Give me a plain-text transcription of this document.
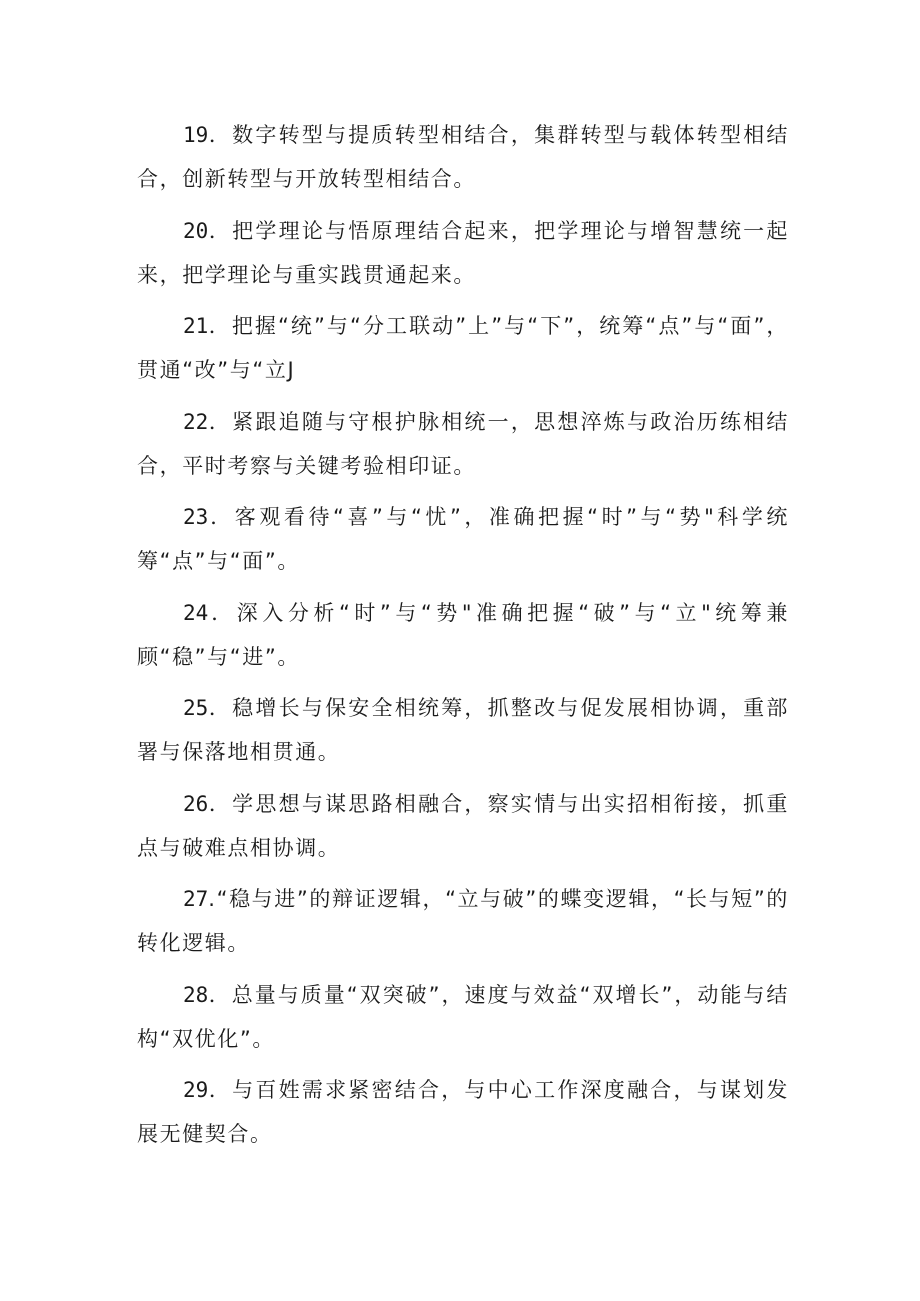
19．数字转型与提质转型相结合，集群转型与载体转型相结合，创新转型与开放转型相结合。

20．把学理论与悟原理结合起来，把学理论与增智慧统一起来，把学理论与重实践贯通起来。

21．把握“统”与“分工联动”上”与“下”，统筹“点”与“面”，贯通“改”与“立J

22．紧跟追随与守根护脉相统一，思想淬炼与政治历练相结合，平时考察与关键考验相印证。

23．客观看待“喜”与“忧”，准确把握“时”与“势"科学统筹“点”与“面”。

24．深入分析“时”与“势"准确把握“破”与“立"统筹兼顾“稳”与“进”。

25．稳增长与保安全相统筹，抓整改与促发展相协调，重部署与保落地相贯通。

26．学思想与谋思路相融合，察实情与出实招相衔接，抓重点与破难点相协调。

27.“稳与进”的辩证逻辑，“立与破”的蝶变逻辑，“长与短”的转化逻辑。

28．总量与质量“双突破”，速度与效益“双增长”，动能与结构“双优化”。

29．与百姓需求紧密结合，与中心工作深度融合，与谋划发展无健契合。
